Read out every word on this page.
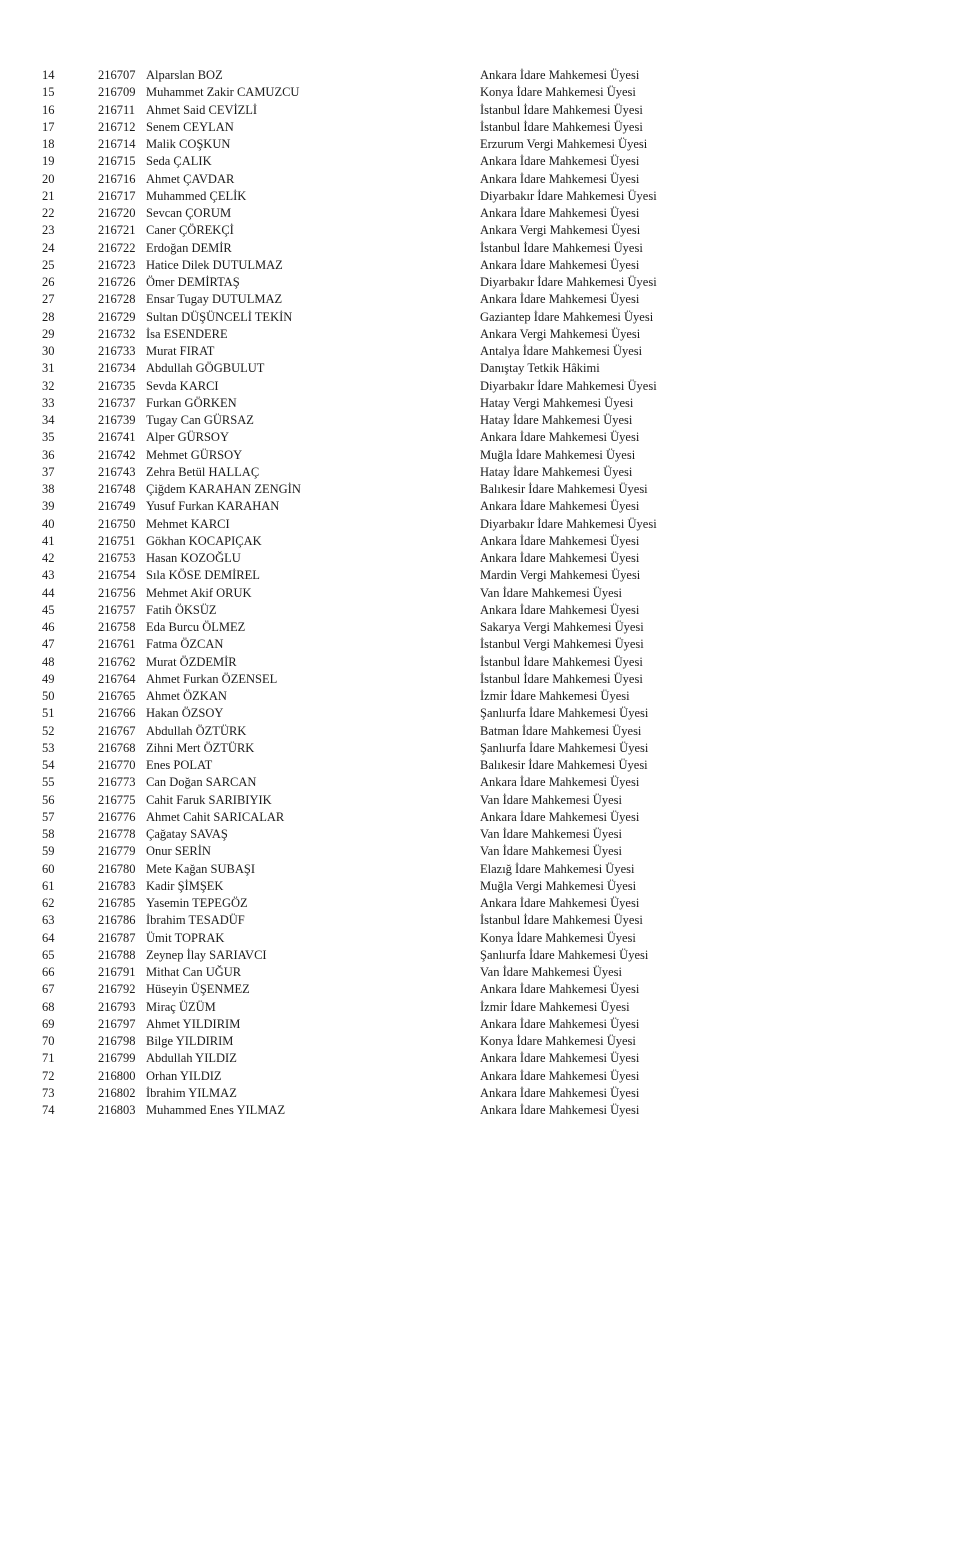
14	216707 Alparslan BOZ	Ankara İdare Mahkemesi Üyesi
15	216709 Muhammet Zakir CAMUZCU	Konya İdare Mahkemesi Üyesi
16	216711 Ahmet Said CEVİZLİ	İstanbul İdare Mahkemesi Üyesi
17	216712 Senem CEYLAN	İstanbul İdare Mahkemesi Üyesi
18	216714 Malik COŞKUN	Erzurum Vergi Mahkemesi Üyesi
19	216715 Seda ÇALIK	Ankara İdare Mahkemesi Üyesi
20	216716 Ahmet ÇAVDAR	Ankara İdare Mahkemesi Üyesi
21	216717 Muhammed ÇELİK	Diyarbakır İdare Mahkemesi Üyesi
22	216720 Sevcan ÇORUM	Ankara İdare Mahkemesi Üyesi
23	216721 Caner ÇÖREKÇİ	Ankara Vergi Mahkemesi Üyesi
24	216722 Erdoğan DEMİR	İstanbul İdare Mahkemesi Üyesi
25	216723 Hatice Dilek DUTULMAZ	Ankara İdare Mahkemesi Üyesi
26	216726 Ömer DEMİRTAŞ	Diyarbakır İdare Mahkemesi Üyesi
27	216728 Ensar Tugay DUTULMAZ	Ankara İdare Mahkemesi Üyesi
28	216729 Sultan DÜŞÜNCELİ TEKİN	Gaziantep İdare Mahkemesi Üyesi
29	216732 İsa ESENDERE	Ankara Vergi Mahkemesi Üyesi
30	216733 Murat FIRAT	Antalya İdare Mahkemesi Üyesi
31	216734 Abdullah GÖGBULUT	Danıştay Tetkik Hâkimi
32	216735 Sevda KARCI	Diyarbakır İdare Mahkemesi Üyesi
33	216737 Furkan GÖRKEN	Hatay Vergi Mahkemesi Üyesi
34	216739 Tugay Can GÜRSAZ	Hatay İdare Mahkemesi Üyesi
35	216741 Alper GÜRSOY	Ankara İdare Mahkemesi Üyesi
36	216742 Mehmet GÜRSOY	Muğla İdare Mahkemesi Üyesi
37	216743 Zehra Betül HALLAÇ	Hatay İdare Mahkemesi Üyesi
38	216748 Çiğdem KARAHAN ZENGİN	Balıkesir İdare Mahkemesi Üyesi
39	216749 Yusuf Furkan KARAHAN	Ankara İdare Mahkemesi Üyesi
40	216750 Mehmet KARCI	Diyarbakır İdare Mahkemesi Üyesi
41	216751 Gökhan KOCAPIÇAK	Ankara İdare Mahkemesi Üyesi
42	216753 Hasan KOZOĞLU	Ankara İdare Mahkemesi Üyesi
43	216754 Sıla KÖSE DEMİREL	Mardin Vergi Mahkemesi Üyesi
44	216756 Mehmet Akif ORUK	Van İdare Mahkemesi Üyesi
45	216757 Fatih ÖKSÜZ	Ankara İdare Mahkemesi Üyesi
46	216758 Eda Burcu ÖLMEZ	Sakarya Vergi Mahkemesi Üyesi
47	216761 Fatma ÖZCAN	İstanbul Vergi Mahkemesi Üyesi
48	216762 Murat ÖZDEMİR	İstanbul İdare Mahkemesi Üyesi
49	216764 Ahmet Furkan ÖZENSEL	İstanbul İdare Mahkemesi Üyesi
50	216765 Ahmet ÖZKAN	İzmir İdare Mahkemesi Üyesi
51	216766 Hakan ÖZSOY	Şanlıurfa İdare Mahkemesi Üyesi
52	216767 Abdullah ÖZTÜRK	Batman İdare Mahkemesi Üyesi
53	216768 Zihni Mert ÖZTÜRK	Şanlıurfa İdare Mahkemesi Üyesi
54	216770 Enes POLAT	Balıkesir İdare Mahkemesi Üyesi
55	216773 Can Doğan SARCAN	Ankara İdare Mahkemesi Üyesi
56	216775 Cahit Faruk SARIBIYIK	Van İdare Mahkemesi Üyesi
57	216776 Ahmet Cahit SARICALAR	Ankara İdare Mahkemesi Üyesi
58	216778 Çağatay SAVAŞ	Van İdare Mahkemesi Üyesi
59	216779 Onur SERİN	Van İdare Mahkemesi Üyesi
60	216780 Mete Kağan SUBAŞI	Elazığ İdare Mahkemesi Üyesi
61	216783 Kadir ŞİMŞEK	Muğla Vergi Mahkemesi Üyesi
62	216785 Yasemin TEPEGÖZ	Ankara İdare Mahkemesi Üyesi
63	216786 İbrahim TESADÜF	İstanbul İdare Mahkemesi Üyesi
64	216787 Ümit TOPRAK	Konya İdare Mahkemesi Üyesi
65	216788 Zeynep İlay SARIAVCI	Şanlıurfa İdare Mahkemesi Üyesi
66	216791 Mithat Can UĞUR	Van İdare Mahkemesi Üyesi
67	216792 Hüseyin ÜŞENMEZ	Ankara İdare Mahkemesi Üyesi
68	216793 Miraç ÜZÜM	İzmir İdare Mahkemesi Üyesi
69	216797 Ahmet YILDIRIM	Ankara İdare Mahkemesi Üyesi
70	216798 Bilge YILDIRIM	Konya İdare Mahkemesi Üyesi
71	216799 Abdullah YILDIZ	Ankara İdare Mahkemesi Üyesi
72	216800 Orhan YILDIZ	Ankara İdare Mahkemesi Üyesi
73	216802 İbrahim YILMAZ	Ankara İdare Mahkemesi Üyesi
74	216803 Muhammed Enes YILMAZ	Ankara İdare Mahkemesi Üyesi
